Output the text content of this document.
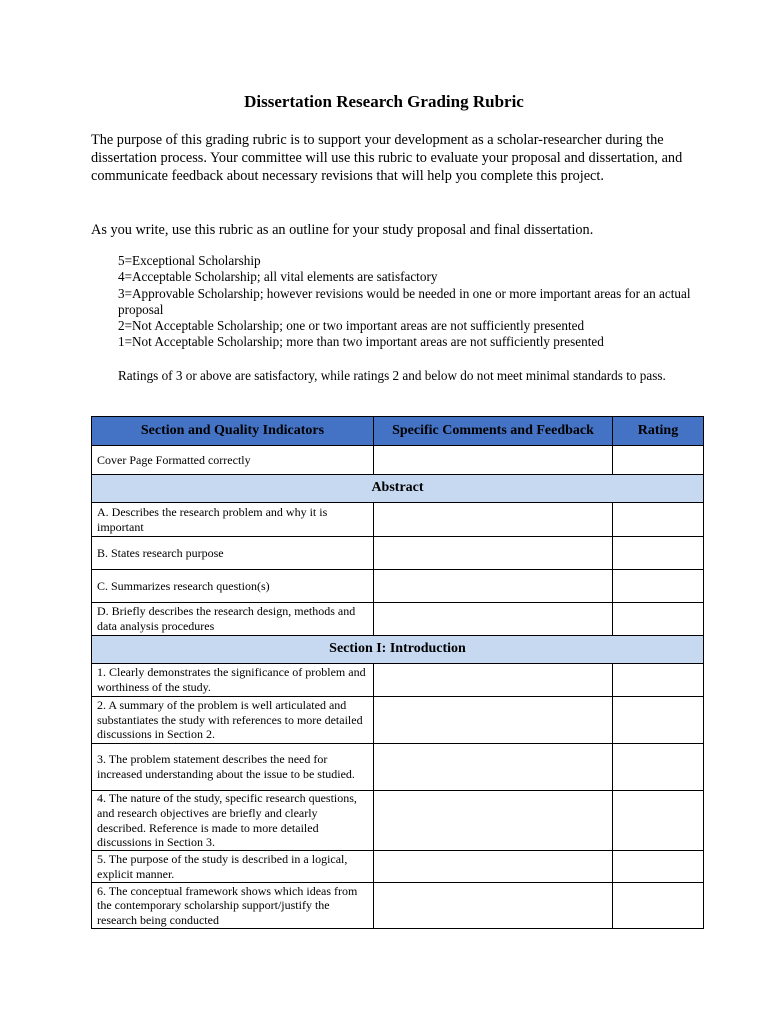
Dissertation Research Grading Rubric

The purpose of this grading rubric is to support your development as a scholar-researcher during the dissertation process. Your committee will use this rubric to evaluate your proposal and dissertation, and communicate feedback about necessary revisions that will help you complete this project.

As you write, use this rubric as an outline for your study proposal and final dissertation.

5=Exceptional Scholarship
4=Acceptable Scholarship; all vital elements are satisfactory
3=Approvable Scholarship; however revisions would be needed in one or more important areas for an actual proposal
2=Not Acceptable Scholarship; one or two important areas are not sufficiently presented
1=Not Acceptable Scholarship; more than two important areas are not sufficiently presented

Ratings of 3 or above are satisfactory, while ratings 2 and below do not meet minimal standards to pass.

Section and Quality Indicators	Specific Comments and Feedback	Rating
Cover Page Formatted correctly		
Abstract		
A. Describes the research problem and why it is important		
B. States research purpose		
C. Summarizes research question(s)		
D. Briefly describes the research design, methods and data analysis procedures		
Section I: Introduction		
1. Clearly demonstrates the significance of problem and worthiness of the study.		
2. A summary of the problem is well articulated and substantiates the study with references to more detailed discussions in Section 2.		
3. The problem statement describes the need for increased understanding about the issue to be studied.		
4. The nature of the study, specific research questions, and research objectives are briefly and clearly described. Reference is made to more detailed discussions in Section 3.		
5. The purpose of the study is described in a logical, explicit manner.		
6. The conceptual framework shows which ideas from the contemporary scholarship support/justify the research being conducted		
